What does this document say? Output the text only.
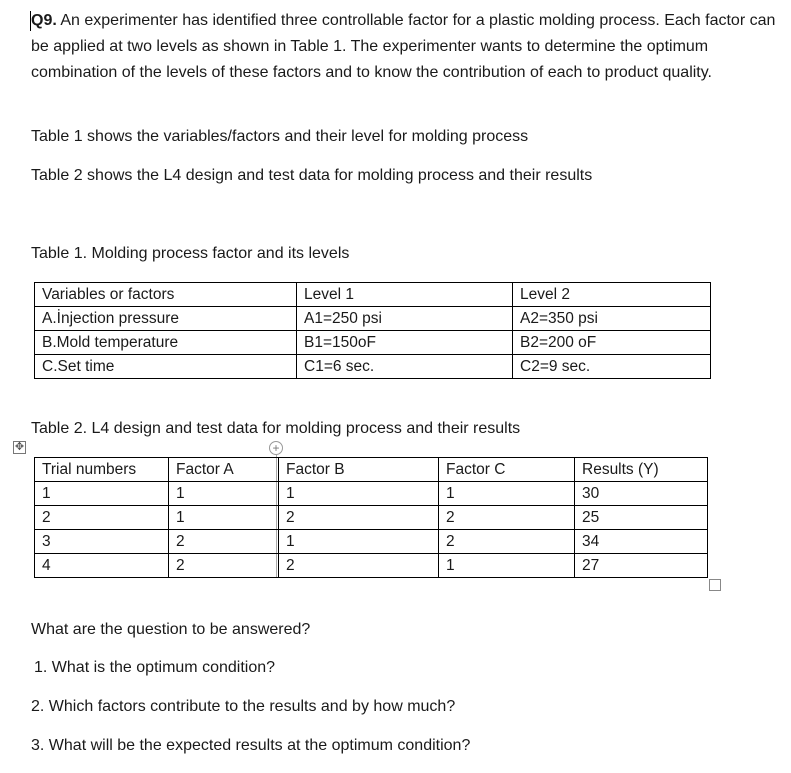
Q9. An experimenter has identified three controllable factor for a plastic molding process. Each factor can be applied at two levels as shown in Table 1. The experimenter wants to determine the optimum combination of the levels of these factors and to know the contribution of each to product quality.

Table 1 shows the variables/factors and their level for molding process

Table 2 shows the L4 design and test data for molding process and their results

Table 1. Molding process factor and its levels

Variables or factors	Level 1	Level 2
A.İnjection pressure	A1=250 psi	A2=350 psi
B.Mold temperature	B1=150oF	B2=200 oF
C.Set time	C1=6 sec.	C2=9 sec.

Table 2. L4 design and test data for molding process and their results

✥	+
Trial numbers	Factor A	Factor B	Factor C	Results (Y)
1	1	1	1	30
2	1	2	2	25
3	2	1	2	34
4	2	2	1	27

What are the question to be answered?

1. What is the optimum condition?

2. Which factors contribute to the results and by how much?

3. What will be the expected results at the optimum condition?
